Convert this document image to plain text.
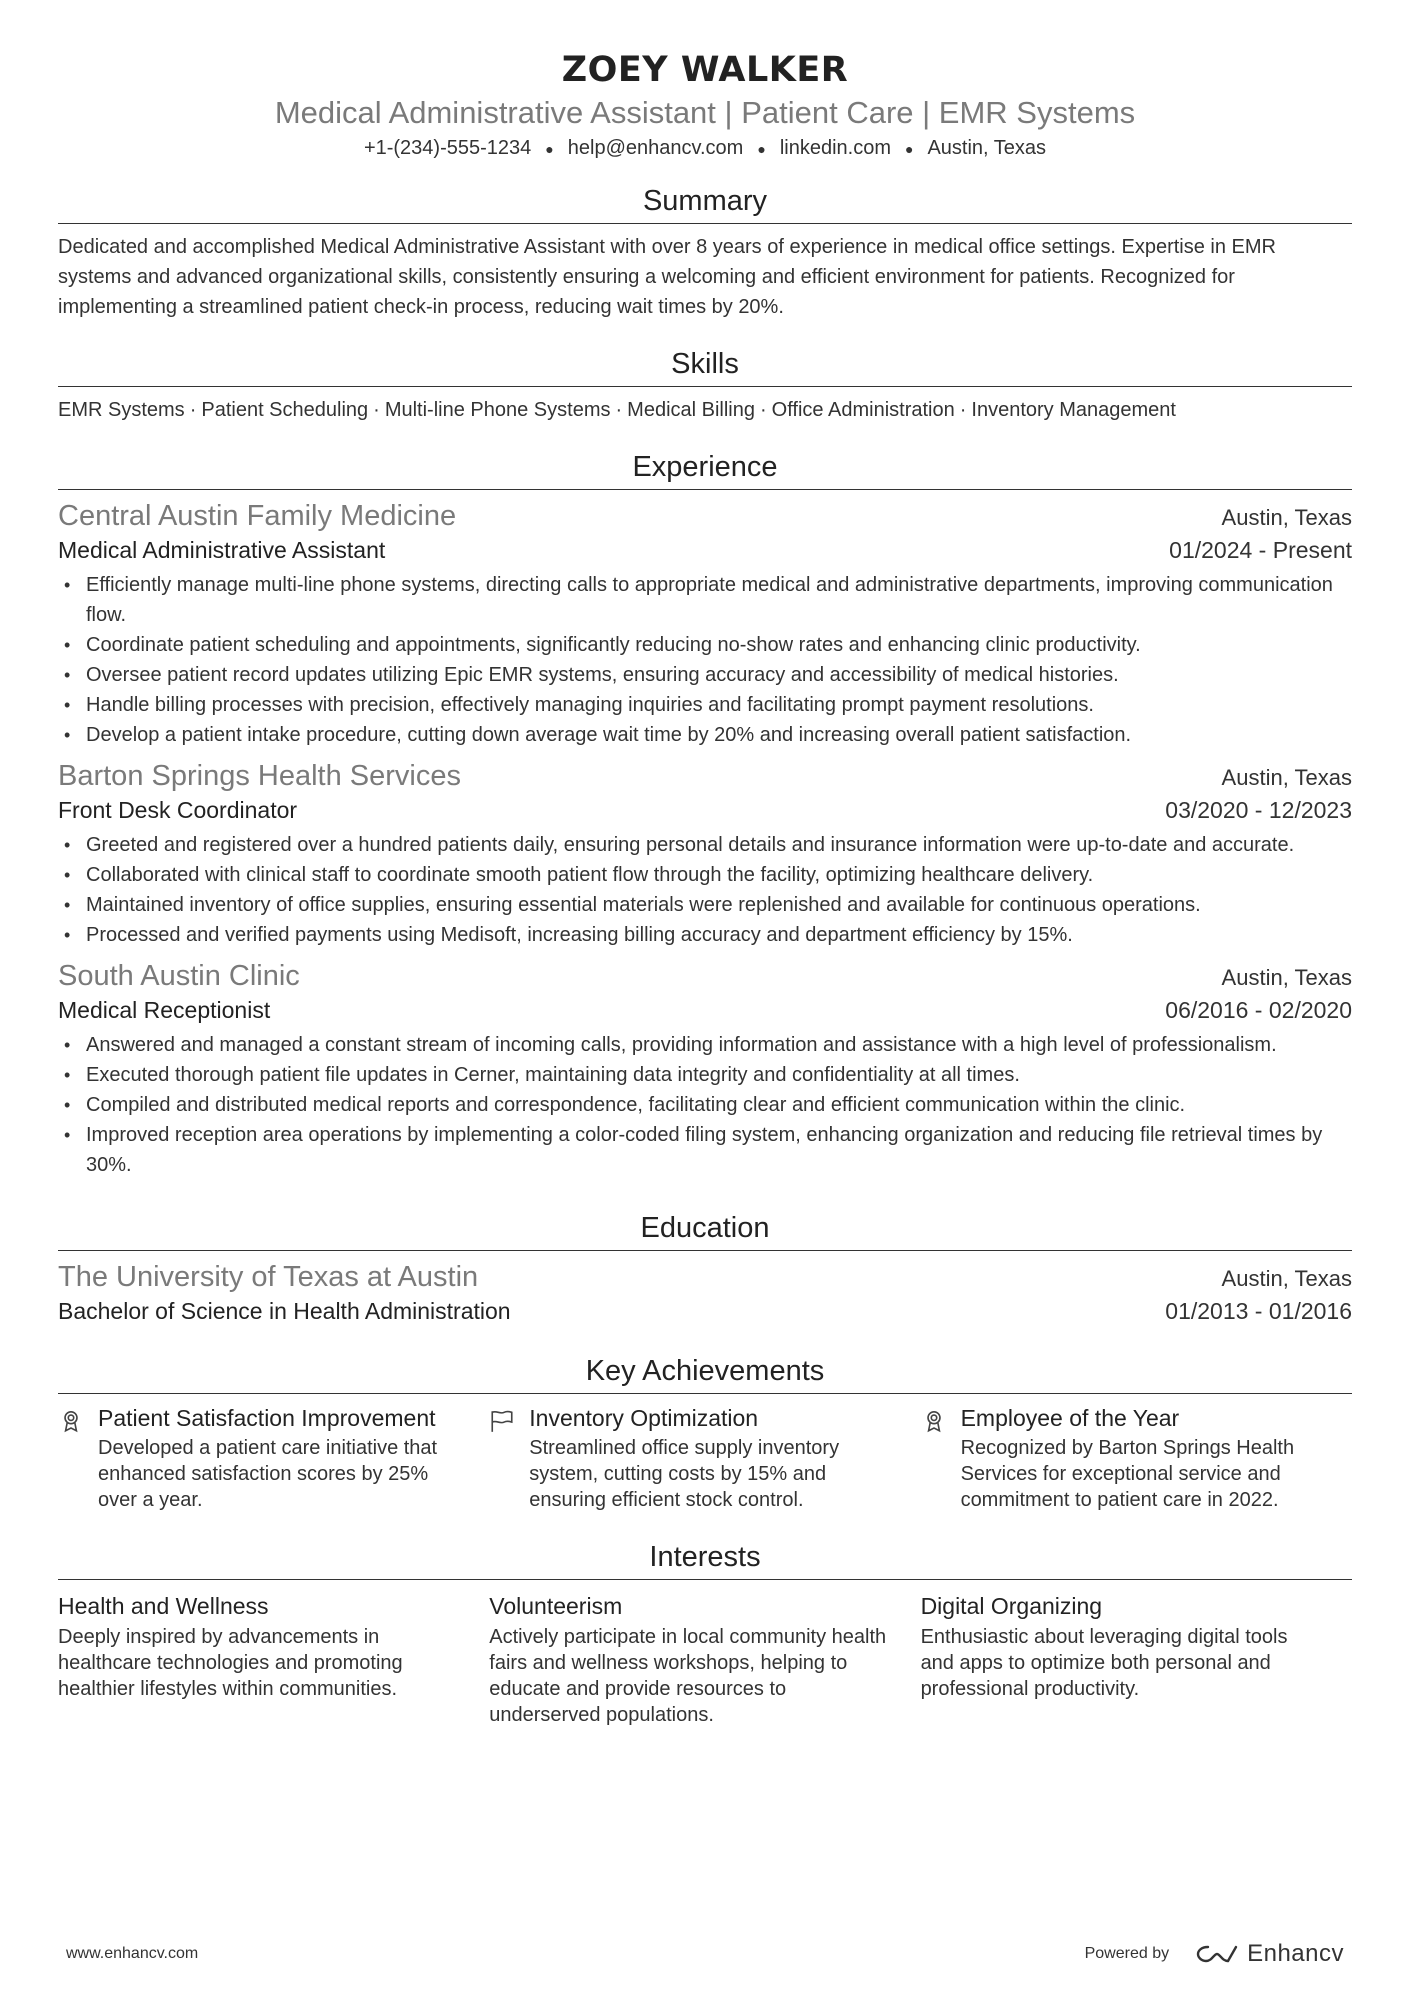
ZOEY WALKER
Medical Administrative Assistant | Patient Care | EMR Systems
+1-(234)-555-1234 ● help@enhancv.com ● linkedin.com ● Austin, Texas
Summary
Dedicated and accomplished Medical Administrative Assistant with over 8 years of experience in medical office settings. Expertise in EMR systems and advanced organizational skills, consistently ensuring a welcoming and efficient environment for patients. Recognized for implementing a streamlined patient check-in process, reducing wait times by 20%.
Skills
EMR Systems · Patient Scheduling · Multi-line Phone Systems · Medical Billing · Office Administration · Inventory Management
Experience
Central Austin Family Medicine	Austin, Texas
Medical Administrative Assistant	01/2024 - Present
• Efficiently manage multi-line phone systems, directing calls to appropriate medical and administrative departments, improving communication flow.
• Coordinate patient scheduling and appointments, significantly reducing no-show rates and enhancing clinic productivity.
• Oversee patient record updates utilizing Epic EMR systems, ensuring accuracy and accessibility of medical histories.
• Handle billing processes with precision, effectively managing inquiries and facilitating prompt payment resolutions.
• Develop a patient intake procedure, cutting down average wait time by 20% and increasing overall patient satisfaction.
Barton Springs Health Services	Austin, Texas
Front Desk Coordinator	03/2020 - 12/2023
• Greeted and registered over a hundred patients daily, ensuring personal details and insurance information were up-to-date and accurate.
• Collaborated with clinical staff to coordinate smooth patient flow through the facility, optimizing healthcare delivery.
• Maintained inventory of office supplies, ensuring essential materials were replenished and available for continuous operations.
• Processed and verified payments using Medisoft, increasing billing accuracy and department efficiency by 15%.
South Austin Clinic	Austin, Texas
Medical Receptionist	06/2016 - 02/2020
• Answered and managed a constant stream of incoming calls, providing information and assistance with a high level of professionalism.
• Executed thorough patient file updates in Cerner, maintaining data integrity and confidentiality at all times.
• Compiled and distributed medical reports and correspondence, facilitating clear and efficient communication within the clinic.
• Improved reception area operations by implementing a color-coded filing system, enhancing organization and reducing file retrieval times by 30%.
Education
The University of Texas at Austin	Austin, Texas
Bachelor of Science in Health Administration	01/2013 - 01/2016
Key Achievements
Patient Satisfaction Improvement
Developed a patient care initiative that enhanced satisfaction scores by 25% over a year.
Inventory Optimization
Streamlined office supply inventory system, cutting costs by 15% and ensuring efficient stock control.
Employee of the Year
Recognized by Barton Springs Health Services for exceptional service and commitment to patient care in 2022.
Interests
Health and Wellness
Deeply inspired by advancements in healthcare technologies and promoting healthier lifestyles within communities.
Volunteerism
Actively participate in local community health fairs and wellness workshops, helping to educate and provide resources to underserved populations.
Digital Organizing
Enthusiastic about leveraging digital tools and apps to optimize both personal and professional productivity.
www.enhancv.com	Powered by	Enhancv
